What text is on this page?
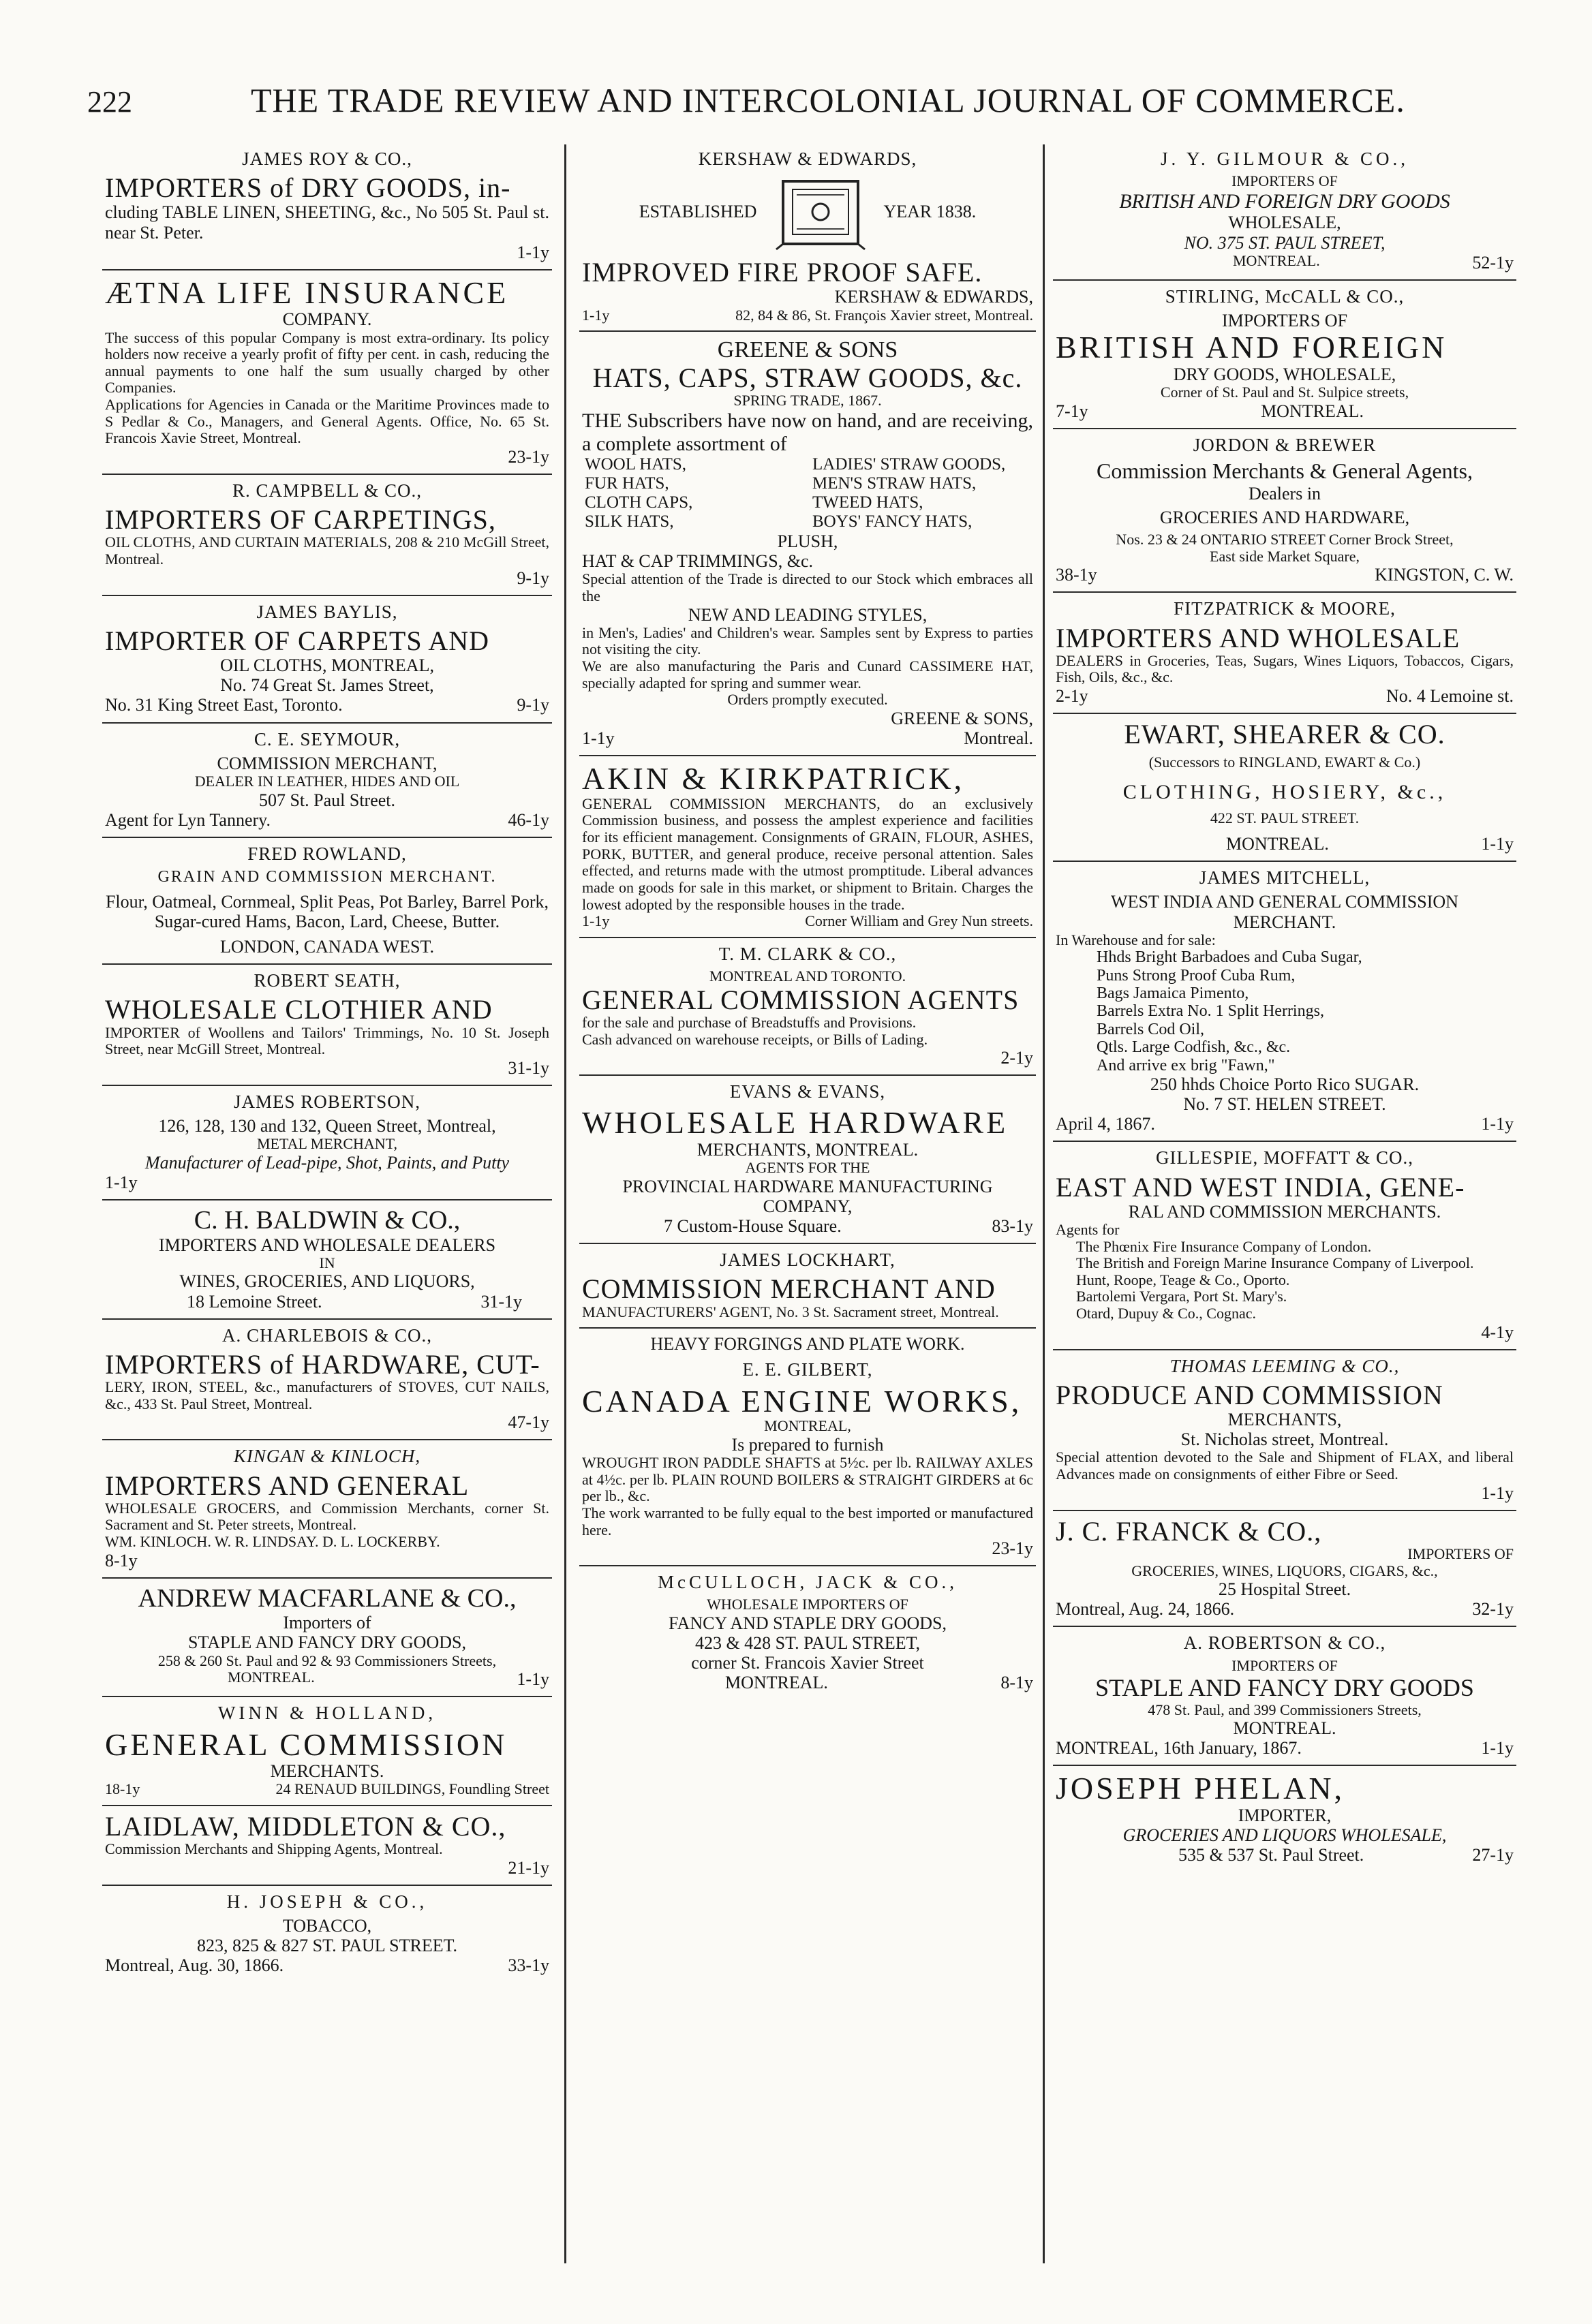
222	THE TRADE REVIEW AND INTERCOLONIAL JOURNAL OF COMMERCE.
JAMES ROY & CO.,
IMPORTERS of DRY GOODS, in-
cluding TABLE LINEN, SHEETING, &c., No 505 St. Paul st. near St. Peter.
1-1y
ÆTNA LIFE INSURANCE
COMPANY.
The success of this popular Company is most extra-ordinary. Its policy holders now receive a yearly profit of fifty per cent. in cash, reducing the annual payments to one half the sum usually charged by other Companies.
Applications for Agencies in Canada or the Maritime Provinces made to S Pedlar & Co., Managers, and General Agents. Office, No. 65 St. Francois Xavie Street, Montreal.
23-1y
R. CAMPBELL & CO.,
IMPORTERS OF CARPETINGS,
OIL CLOTHS, AND CURTAIN MATERIALS, 208 & 210 McGill Street, Montreal.
9-1y
JAMES BAYLIS,
IMPORTER OF CARPETS AND
OIL CLOTHS, MONTREAL,
No. 74 Great St. James Street,
No. 31 King Street East, Toronto.	9-1y
C. E. SEYMOUR,
COMMISSION MERCHANT,
DEALER IN LEATHER, HIDES AND OIL
507 St. Paul Street.
Agent for Lyn Tannery.	46-1y
FRED ROWLAND,
GRAIN AND COMMISSION MERCHANT.
Flour, Oatmeal, Cornmeal, Split Peas, Pot Barley, Barrel Pork, Sugar-cured Hams, Bacon, Lard, Cheese, Butter.
LONDON, CANADA WEST.
ROBERT SEATH,
WHOLESALE CLOTHIER AND
IMPORTER of Woollens and Tailors' Trimmings, No. 10 St. Joseph Street, near McGill Street, Montreal.
31-1y
JAMES ROBERTSON,
126, 128, 130 and 132, Queen Street, Montreal,
METAL MERCHANT,
Manufacturer of Lead-pipe, Shot, Paints, and Putty
1-1y
C. H. BALDWIN & CO.,
IMPORTERS AND WHOLESALE DEALERS
IN
WINES, GROCERIES, AND LIQUORS,
18 Lemoine Street.	31-1y
A. CHARLEBOIS & CO.,
IMPORTERS of HARDWARE, CUT-
LERY, IRON, STEEL, &c., manufacturers of STOVES, CUT NAILS, &c., 433 St. Paul Street, Montreal.
47-1y
KINGAN & KINLOCH,
IMPORTERS AND GENERAL
WHOLESALE GROCERS, and Commission Merchants, corner St. Sacrament and St. Peter streets, Montreal.
WM. KINLOCH. W. R. LINDSAY. D. L. LOCKERBY.
8-1y
ANDREW MACFARLANE & CO.,
Importers of
STAPLE AND FANCY DRY GOODS,
258 & 260 St. Paul and 92 & 93 Commissioners Streets,
MONTREAL.	1-1y
WINN & HOLLAND,
GENERAL COMMISSION
MERCHANTS.
18-1y	24 RENAUD BUILDINGS, Foundling Street
LAIDLAW, MIDDLETON & CO.,
Commission Merchants and Shipping Agents, Montreal.
21-1y
H. JOSEPH & CO.,
TOBACCO,
823, 825 & 827 ST. PAUL STREET.
Montreal, Aug. 30, 1866.	33-1y
KERSHAW & EDWARDS,
ESTABLISHED	YEAR 1838.
IMPROVED FIRE PROOF SAFE.
KERSHAW & EDWARDS,
1-1y	82, 84 & 86, St. François Xavier street, Montreal.
GREENE & SONS
HATS, CAPS, STRAW GOODS, &c.
SPRING TRADE, 1867.
THE Subscribers have now on hand, and are receiving, a complete assortment of
WOOL HATS,	LADIES' STRAW GOODS,
FUR HATS,	MEN'S STRAW HATS,
CLOTH CAPS,	TWEED HATS,
SILK HATS,	BOYS' FANCY HATS,
PLUSH,
HAT & CAP TRIMMINGS, &c.
Special attention of the Trade is directed to our Stock which embraces all the
NEW AND LEADING STYLES,
in Men's, Ladies' and Children's wear. Samples sent by Express to parties not visiting the city.
We are also manufacturing the Paris and Cunard CASSIMERE HAT, specially adapted for spring and summer wear.
Orders promptly executed.
GREENE & SONS,
1-1y	Montreal.
AKIN & KIRKPATRICK,
GENERAL COMMISSION MERCHANTS, do an exclusively Commission business, and possess the amplest experience and facilities for its efficient management. Consignments of GRAIN, FLOUR, ASHES, PORK, BUTTER, and general produce, receive personal attention. Sales effected, and returns made with the utmost promptitude. Liberal advances made on goods for sale in this market, or shipment to Britain. Charges the lowest adopted by the responsible houses in the trade.
1-1y	Corner William and Grey Nun streets.
T. M. CLARK & CO.,
MONTREAL AND TORONTO.
GENERAL COMMISSION AGENTS
for the sale and purchase of Breadstuffs and Provisions.
Cash advanced on warehouse receipts, or Bills of Lading.
2-1y
EVANS & EVANS,
WHOLESALE HARDWARE
MERCHANTS, MONTREAL.
AGENTS FOR THE
PROVINCIAL HARDWARE MANUFACTURING
COMPANY,
7 Custom-House Square.	83-1y
JAMES LOCKHART,
COMMISSION MERCHANT AND
MANUFACTURERS' AGENT, No. 3 St. Sacrament street, Montreal.
HEAVY FORGINGS AND PLATE WORK.
E. E. GILBERT,
CANADA ENGINE WORKS,
MONTREAL,
Is prepared to furnish
WROUGHT IRON PADDLE SHAFTS at 5½c. per lb. RAILWAY AXLES at 4½c. per lb. PLAIN ROUND BOILERS & STRAIGHT GIRDERS at 6c per lb., &c.
The work warranted to be fully equal to the best imported or manufactured here.
23-1y
McCULLOCH, JACK & CO.,
WHOLESALE IMPORTERS OF
FANCY AND STAPLE DRY GOODS,
423 & 428 ST. PAUL STREET,
corner St. Francois Xavier Street
MONTREAL.	8-1y
J. Y. GILMOUR & CO.,
IMPORTERS OF
BRITISH AND FOREIGN DRY GOODS
WHOLESALE,
NO. 375 ST. PAUL STREET,
MONTREAL.	52-1y
STIRLING, McCALL & CO.,
IMPORTERS OF
BRITISH AND FOREIGN
DRY GOODS, WHOLESALE,
Corner of St. Paul and St. Sulpice streets,
7-1y	MONTREAL.
JORDON & BREWER
Commission Merchants & General Agents,
Dealers in
GROCERIES AND HARDWARE,
Nos. 23 & 24 ONTARIO STREET Corner Brock Street,
East side Market Square,
38-1y	KINGSTON, C. W.
FITZPATRICK & MOORE,
IMPORTERS AND WHOLESALE
DEALERS in Groceries, Teas, Sugars, Wines Liquors, Tobaccos, Cigars, Fish, Oils, &c., &c.
2-1y	No. 4 Lemoine st.
EWART, SHEARER & CO.
(Successors to RINGLAND, EWART & Co.)
CLOTHING, HOSIERY, &c.,
422 ST. PAUL STREET.
MONTREAL.	1-1y
JAMES MITCHELL,
WEST INDIA AND GENERAL COMMISSION
MERCHANT.
In Warehouse and for sale:
Hhds Bright Barbadoes and Cuba Sugar,
Puns Strong Proof Cuba Rum,
Bags Jamaica Pimento,
Barrels Extra No. 1 Split Herrings,
Barrels Cod Oil,
Qtls. Large Codfish, &c., &c.
And arrive ex brig "Fawn,"
250 hhds Choice Porto Rico SUGAR.
No. 7 ST. HELEN STREET.
April 4, 1867.	1-1y
GILLESPIE, MOFFATT & CO.,
EAST AND WEST INDIA, GENE-
RAL AND COMMISSION MERCHANTS.
Agents for
The Phœnix Fire Insurance Company of London.
The British and Foreign Marine Insurance Company of Liverpool.
Hunt, Roope, Teage & Co., Oporto.
Bartolemi Vergara, Port St. Mary's.
Otard, Dupuy & Co., Cognac.
4-1y
THOMAS LEEMING & CO.,
PRODUCE AND COMMISSION
MERCHANTS,
St. Nicholas street, Montreal.
Special attention devoted to the Sale and Shipment of FLAX, and liberal Advances made on consignments of either Fibre or Seed.
1-1y
J. C. FRANCK & CO.,
IMPORTERS OF
GROCERIES, WINES, LIQUORS, CIGARS, &c.,
25 Hospital Street.
Montreal, Aug. 24, 1866.	32-1y
A. ROBERTSON & CO.,
IMPORTERS OF
STAPLE AND FANCY DRY GOODS
478 St. Paul, and 399 Commissioners Streets,
MONTREAL.
MONTREAL, 16th January, 1867.	1-1y
JOSEPH PHELAN,
IMPORTER,
GROCERIES AND LIQUORS WHOLESALE,
535 & 537 St. Paul Street.	27-1y
